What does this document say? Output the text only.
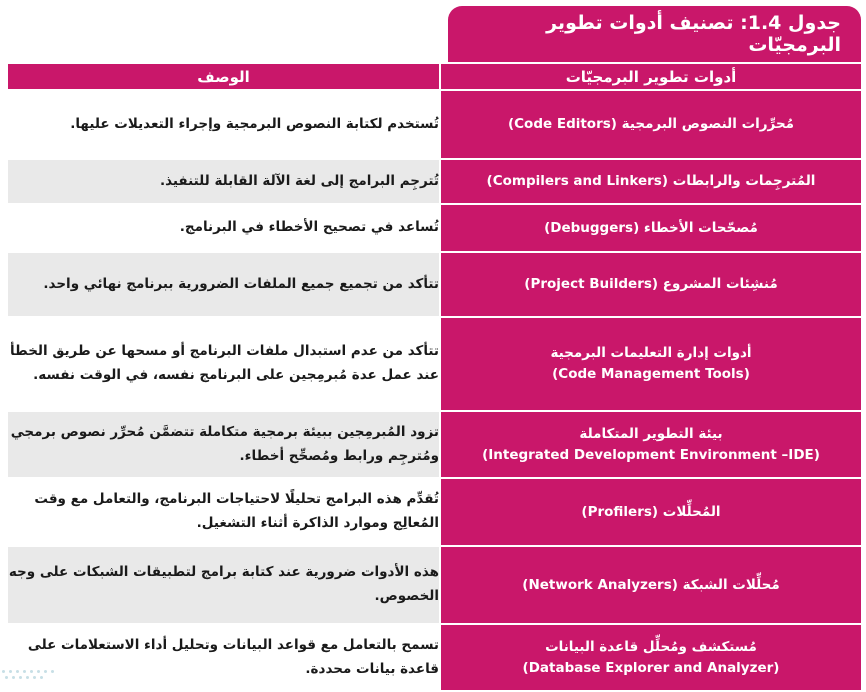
جدول 1.4: تصنيف أدوات تطوير البرمجيّات
أدوات تطوير البرمجيّات	الوصف
مُحرِّرات النصوص البرمجية (Code Editors)	تُستخدم لكتابة النصوص البرمجية وإجراء التعديلات عليها.
المُترجِمات والرابطات (Compilers and Linkers)	تُترجِم البرامج إلى لغة الآلة القابلة للتنفيذ.
مُصحّحات الأخطاء (Debuggers)	تُساعد في تصحيح الأخطاء في البرنامج.
مُنشِئات المشروع (Project Builders)	تتأكد من تجميع جميع الملفات الضرورية ببرنامج نهائي واحد.

أدوات إدارة التعليمات البرمجية
(Code Management Tools)	تتأكد من عدم استبدال ملفات البرنامج أو مسحها عن طريق الخطأ عند عمل عدة مُبرمِجين على البرنامج نفسه، في الوقت نفسه.

بيئة التطوير المتكاملة
(Integrated Development Environment –IDE)	تزود المُبرمِجين ببيئة برمجية متكاملة تتضمَّن مُحرِّر نصوص برمجي ومُترجِم ورابط ومُصحِّح أخطاء.
المُحلِّلات (Profilers)	تُقدِّم هذه البرامج تحليلًا لاحتياجات البرنامج، والتعامل مع وقت المُعالِج وموارد الذاكرة أثناء التشغيل.
مُحلِّلات الشبكة (Network Analyzers)	هذه الأدوات ضرورية عند كتابة برامج لتطبيقات الشبكات على وجه الخصوص.

مُستكشف ومُحلِّل قاعدة البيانات
(Database Explorer and Analyzer)	تسمح بالتعامل مع قواعد البيانات وتحليل أداء الاستعلامات على قاعدة بيانات محددة.
